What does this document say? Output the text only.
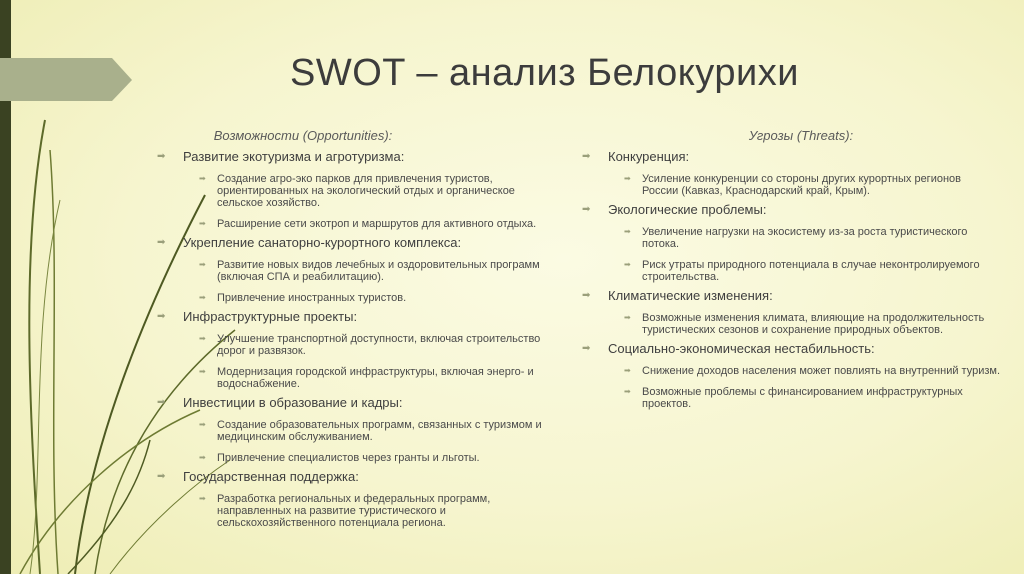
SWOT – анализ Белокурихи
Возможности (Opportunities):
➡ Развитие экотуризма и агротуризма:
➡ Создание агро-эко парков для привлечения туристов, ориентированных на экологический отдых и органическое сельское хозяйство.
➡ Расширение сети экотроп и маршрутов для активного отдыха.
➡ Укрепление санаторно-курортного комплекса:
➡ Развитие новых видов лечебных и оздоровительных программ (включая СПА и реабилитацию).
➡ Привлечение иностранных туристов.
➡ Инфраструктурные проекты:
➡ Улучшение транспортной доступности, включая строительство дорог и развязок.
➡ Модернизация городской инфраструктуры, включая энерго- и водоснабжение.
➡ Инвестиции в образование и кадры:
➡ Создание образовательных программ, связанных с туризмом и медицинским обслуживанием.
➡ Привлечение специалистов через гранты и льготы.
➡ Государственная поддержка:
➡ Разработка региональных и федеральных программ, направленных на развитие туристического и сельскохозяйственного потенциала региона.
Угрозы (Threats):
➡ Конкуренция:
➡ Усиление конкуренции со стороны других курортных регионов России (Кавказ, Краснодарский край, Крым).
➡ Экологические проблемы:
➡ Увеличение нагрузки на экосистему из-за роста туристического потока.
➡ Риск утраты природного потенциала в случае неконтролируемого строительства.
➡ Климатические изменения:
➡ Возможные изменения климата, влияющие на продолжительность туристических сезонов и сохранение природных объектов.
➡ Социально-экономическая нестабильность:
➡ Снижение доходов населения может повлиять на внутренний туризм.
➡ Возможные проблемы с финансированием инфраструктурных проектов.
